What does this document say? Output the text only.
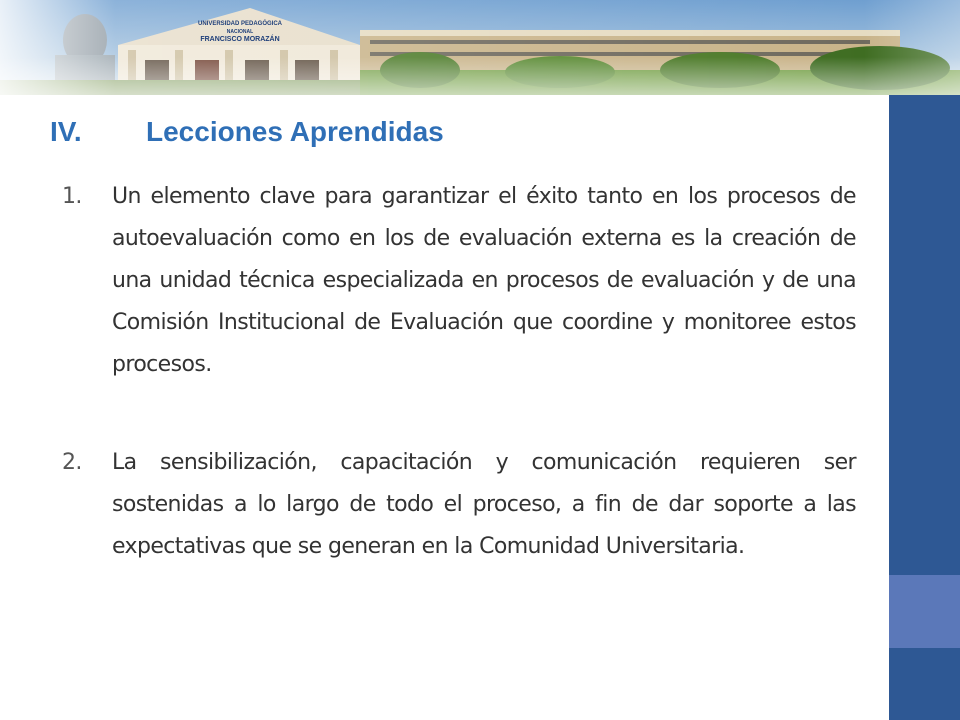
UNIVERSIDAD PEDAGÓGICA
NACIONAL
FRANCISCO MORAZÁN
IV. Lecciones Aprendidas
1. Un elemento clave para garantizar el éxito tanto en los procesos de autoevaluación como en los de evaluación externa es la creación de una unidad técnica especializada en procesos de evaluación y de una Comisión Institucional de Evaluación que coordine y monitoree estos procesos.
2. La sensibilización, capacitación y comunicación requieren ser sostenidas a lo largo de todo el proceso, a fin de dar soporte a las expectativas que se generan en la Comunidad Universitaria.
